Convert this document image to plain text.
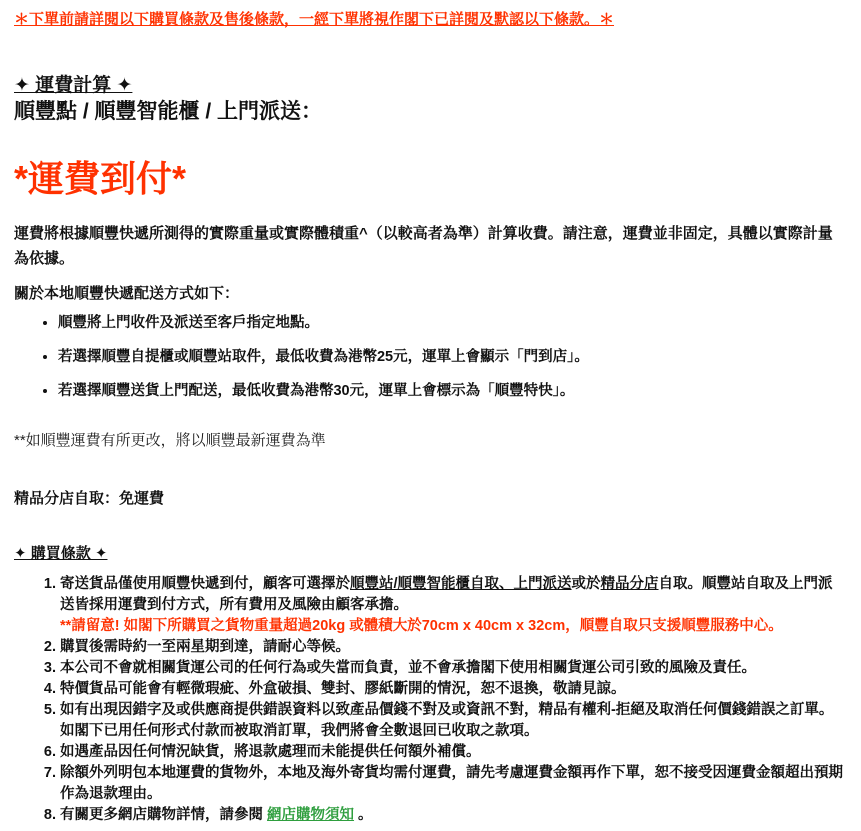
＊下單前請詳閱以下購買條款及售後條款，一經下單將視作閣下已詳閱及默認以下條款。＊

✦ 運費計算 ✦
順豐點 / 順豐智能櫃 / 上門派送：
*運費到付*

運費將根據順豐快遞所測得的實際重量或實際體積重^（以較高者為準）計算收費。請注意，運費並非固定，具體以實際計量為依據。

關於本地順豐快遞配送方式如下：

• 順豐將上門收件及派送至客戶指定地點。
• 若選擇順豐自提櫃或順豐站取件，最低收費為港幣25元，運單上會顯示「門到店」。
• 若選擇順豐送貨上門配送，最低收費為港幣30元，運單上會標示為「順豐特快」。

**如順豐運費有所更改，將以順豐最新運費為準

精品分店自取：免運費

✦ 購買條款 ✦

1. 寄送貨品僅使用順豐快遞到付，顧客可選擇於順豐站/順豐智能櫃自取、上門派送或於精品分店自取。順豐站自取及上門派送皆採用運費到付方式，所有費用及風險由顧客承擔。
**請留意! 如閣下所購買之貨物重量超過20kg 或體積大於70cm x 40cm x 32cm，順豐自取只支援順豐服務中心。
2. 購買後需時約一至兩星期到達，請耐心等候。
3. 本公司不會就相關貨運公司的任何行為或失當而負責，並不會承擔閣下使用相關貨運公司引致的風險及責任。
4. 特價貨品可能會有輕微瑕疵、外盒破損、雙封、膠紙斷開的情況，恕不退換，敬請見諒。
5. 如有出現因錯字及或供應商提供錯誤資料以致產品價錢不對及或資訊不對，精品有權利-拒絕及取消任何價錢錯誤之訂單。如閣下已用任何形式付款而被取消訂單，我們將會全數退回已收取之款項。
6. 如遇產品因任何情況缺貨，將退款處理而未能提供任何額外補償。
7. 除額外列明包本地運費的貨物外，本地及海外寄貨均需付運費，請先考慮運費金額再作下單，恕不接受因運費金額超出預期作為退款理由。
8. 有關更多網店購物詳情，請參閱 網店購物須知 。
